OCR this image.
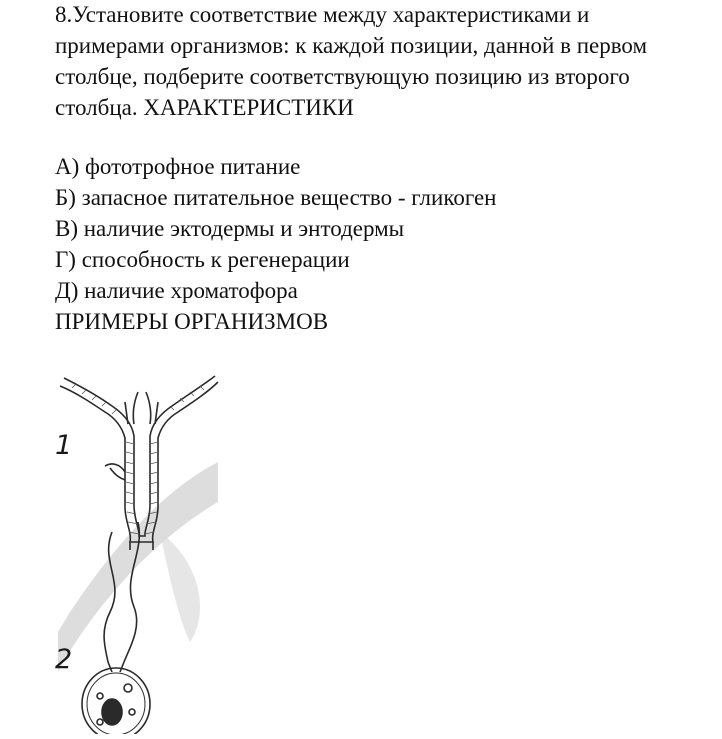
8.Установите соответствие между характеристиками и
примерами организмов: к каждой позиции, данной в первом
столбце, подберите соответствующую позицию из второго
столбца. ХАРАКТЕРИСТИКИ
А) фототрофное питание
Б) запасное питательное вещество - гликоген
В) наличие эктодермы и энтодермы
Г) способность к регенерации
Д) наличие хроматофора
ПРИМЕРЫ ОРГАНИЗМОВ
1
2
